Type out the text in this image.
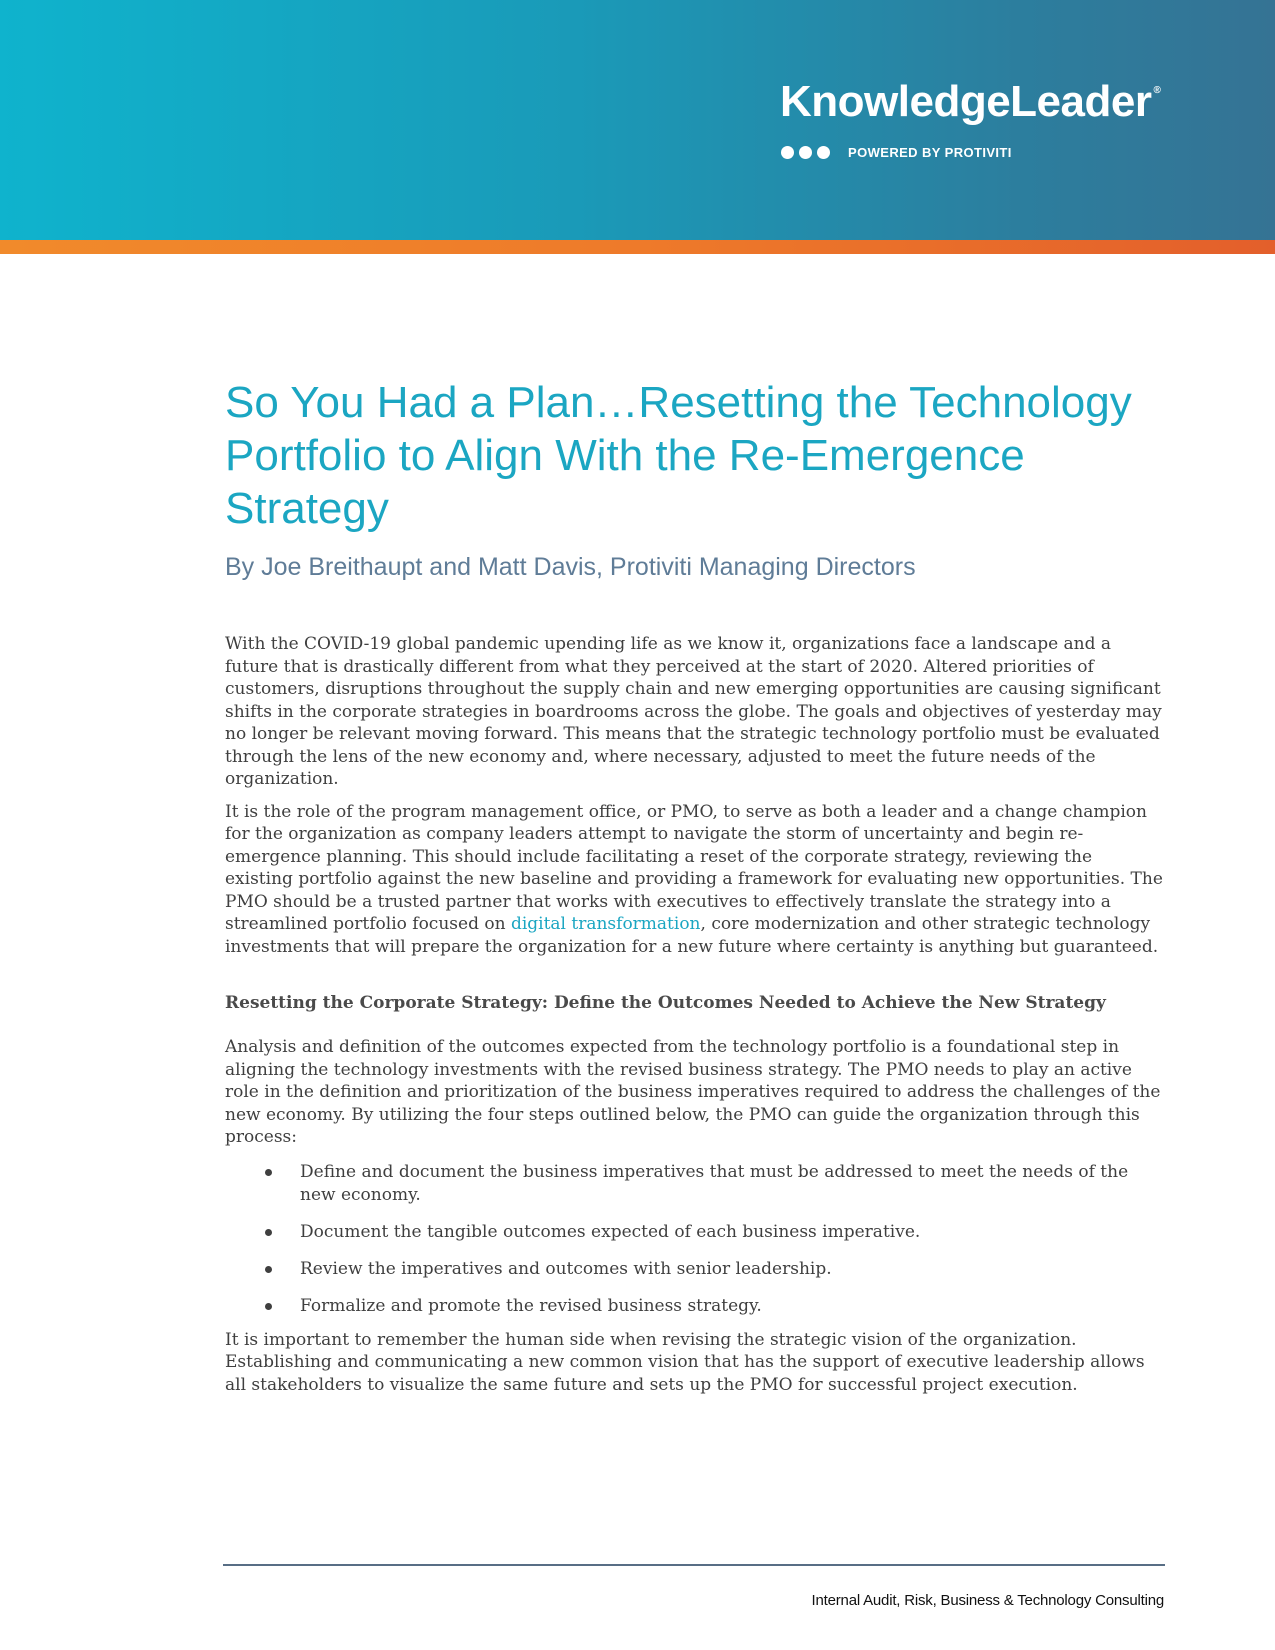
KnowledgeLeader ®
POWERED BY PROTIVITI
So You Had a Plan…Resetting the Technology Portfolio to Align With the Re-Emergence Strategy
By Joe Breithaupt and Matt Davis, Protiviti Managing Directors

With the COVID-19 global pandemic upending life as we know it, organizations face a landscape and a future that is drastically different from what they perceived at the start of 2020. Altered priorities of customers, disruptions throughout the supply chain and new emerging opportunities are causing significant shifts in the corporate strategies in boardrooms across the globe. The goals and objectives of yesterday may no longer be relevant moving forward. This means that the strategic technology portfolio must be evaluated through the lens of the new economy and, where necessary, adjusted to meet the future needs of the organization.

It is the role of the program management office, or PMO, to serve as both a leader and a change champion for the organization as company leaders attempt to navigate the storm of uncertainty and begin re-emergence planning. This should include facilitating a reset of the corporate strategy, reviewing the existing portfolio against the new baseline and providing a framework for evaluating new opportunities. The PMO should be a trusted partner that works with executives to effectively translate the strategy into a streamlined portfolio focused on digital transformation, core modernization and other strategic technology investments that will prepare the organization for a new future where certainty is anything but guaranteed.

Resetting the Corporate Strategy: Define the Outcomes Needed to Achieve the New Strategy

Analysis and definition of the outcomes expected from the technology portfolio is a foundational step in aligning the technology investments with the revised business strategy. The PMO needs to play an active role in the definition and prioritization of the business imperatives required to address the challenges of the new economy. By utilizing the four steps outlined below, the PMO can guide the organization through this process:

Define and document the business imperatives that must be addressed to meet the needs of the new economy.
Document the tangible outcomes expected of each business imperative.
Review the imperatives and outcomes with senior leadership.
Formalize and promote the revised business strategy.

It is important to remember the human side when revising the strategic vision of the organization. Establishing and communicating a new common vision that has the support of executive leadership allows all stakeholders to visualize the same future and sets up the PMO for successful project execution.

Internal Audit, Risk, Business & Technology Consulting
